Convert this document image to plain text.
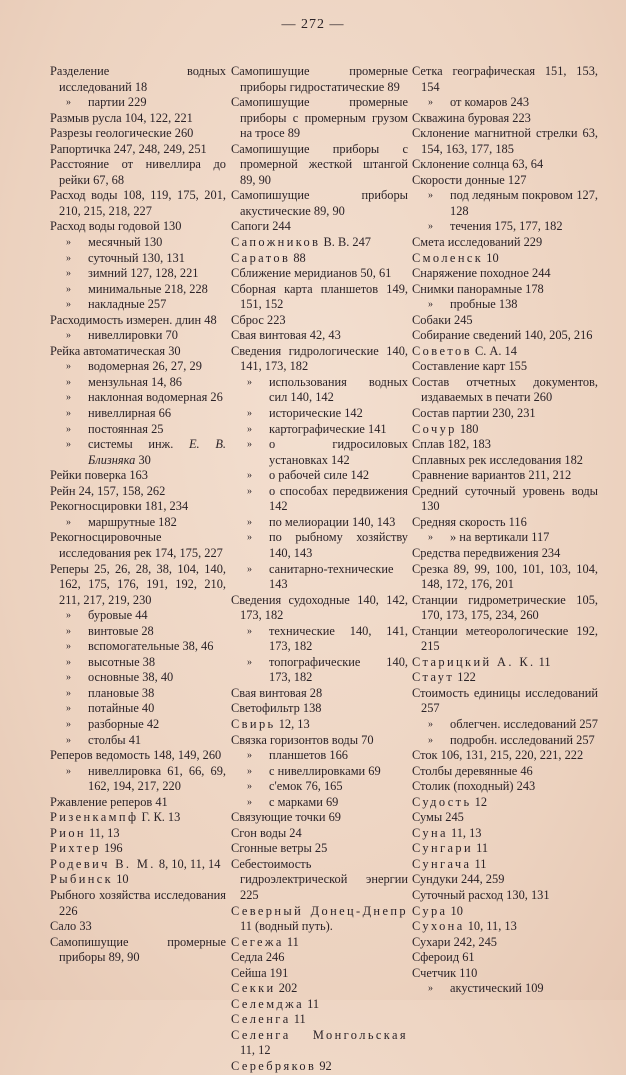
— 272 —
Разделение водных исследований 18
» партии 229
Размыв русла 104, 122, 221
Разрезы геологические 260
Рапортичка 247, 248, 249, 251
Расстояние от нивеллира до рейки 67, 68
Расход воды 108, 119, 175, 201, 210, 215, 218, 227
Расход воды годовой 130
» месячный 130
» суточный 130, 131
» зимний 127, 128, 221
» минимальные 218, 228
» накладные 257
Расходимость измерен. длин 48
» нивеллировки 70
Рейка автоматическая 30
» водомерная 26, 27, 29
» мензульная 14, 86
» наклонная водомерная 26
» нивеллирная 66
» постоянная 25
» системы инж. Е. В. Близняка 30
Рейки поверка 163
Рейн 24, 157, 158, 262
Рекогносцировки 181, 234
» маршрутные 182
Рекогносцировочные исследования рек 174, 175, 227
Реперы 25, 26, 28, 38, 104, 140, 162, 175, 176, 191, 192, 210, 211, 217, 219, 230
» буровые 44
» винтовые 28
» вспомогательные 38, 46
» высотные 38
» основные 38, 40
» плановые 38
» потайные 40
» разборные 42
» столбы 41
Реперов ведомость 148, 149, 260
» нивеллировка 61, 66, 69, 162, 194, 217, 220
Ржавление реперов 41
Ризенкампф Г. К. 13
Рион 11, 13
Рихтер 196
Родевич В. М. 8, 10, 11, 14
Рыбинск 10
Рыбного хозяйства исследования 226
Сало 33
Самопишущие промерные приборы 89, 90
Самопишущие промерные приборы гидростатические 89
Самопишущие промерные приборы с промерным грузом на тросе 89
Самопишущие приборы с промерной жесткой штангой 89, 90
Самопишущие приборы акустические 89, 90
Сапоги 244
Сапожников В. В. 247
Саратов 88
Сближение меридианов 50, 61
Сборная карта планшетов 149, 151, 152
Сброс 223
Свая винтовая 42, 43
Сведения гидрологические 140, 141, 173, 182
» использования водных сил 140, 142
» исторические 142
» картографические 141
» о гидросиловых установках 142
» о рабочей силе 142
» о способах передвижения 142
» по мелиорации 140, 143
» по рыбному хозяйству 140, 143
» санитарно-технические 143
Сведения судоходные 140, 142, 173, 182
» технические 140, 141, 173, 182
» топографические 140, 173, 182
Свая винтовая 28
Светофильтр 138
Свирь 12, 13
Связка горизонтов воды 70
» планшетов 166
» с нивеллировками 69
» с'емок 76, 165
» с марками 69
Связующие точки 69
Сгон воды 24
Сгонные ветры 25
Себестоимость гидроэлектрической энергии 225
Северный Донец-Днепр 11 (водный путь).
Сегежа 11
Седла 246
Сейша 191
Секки 202
Селемджа 11
Селенга 11
Селенга Монгольская 11, 12
Серебряков 92
Сетка географическая 151, 153, 154
» от комаров 243
Скважина буровая 223
Склонение магнитной стрелки 63, 154, 163, 177, 185
Склонение солнца 63, 64
Скорости донные 127
» под ледяным покровом 127, 128
» течения 175, 177, 182
Смета исследований 229
Смоленск 10
Снаряжение походное 244
Снимки панорамные 178
» пробные 138
Собаки 245
Собирание сведений 140, 205, 216
Советов С. А. 14
Составление карт 155
Состав отчетных документов, издаваемых в печати 260
Состав партии 230, 231
Сочур 180
Сплав 182, 183
Сплавных рек исследования 182
Сравнение вариантов 211, 212
Средний суточный уровень воды 130
Средняя скорость 116
» » на вертикали 117
Средства передвижения 234
Срезка 89, 99, 100, 101, 103, 104, 148, 172, 176, 201
Станции гидрометрические 105, 170, 173, 175, 234, 260
Станции метеорологические 192, 215
Старицкий А. К. 11
Стаут 122
Стоимость единицы исследований 257
» облегчен. исследований 257
» подробн. исследований 257
Сток 106, 131, 215, 220, 221, 222
Столбы деревянные 46
Столик (походный) 243
Судость 12
Сумы 245
Суна 11, 13
Сунгари 11
Сунгача 11
Сундуки 244, 259
Суточный расход 130, 131
Сура 10
Сухона 10, 11, 13
Сухари 242, 245
Сфероид 61
Счетчик 110
» акустический 109
